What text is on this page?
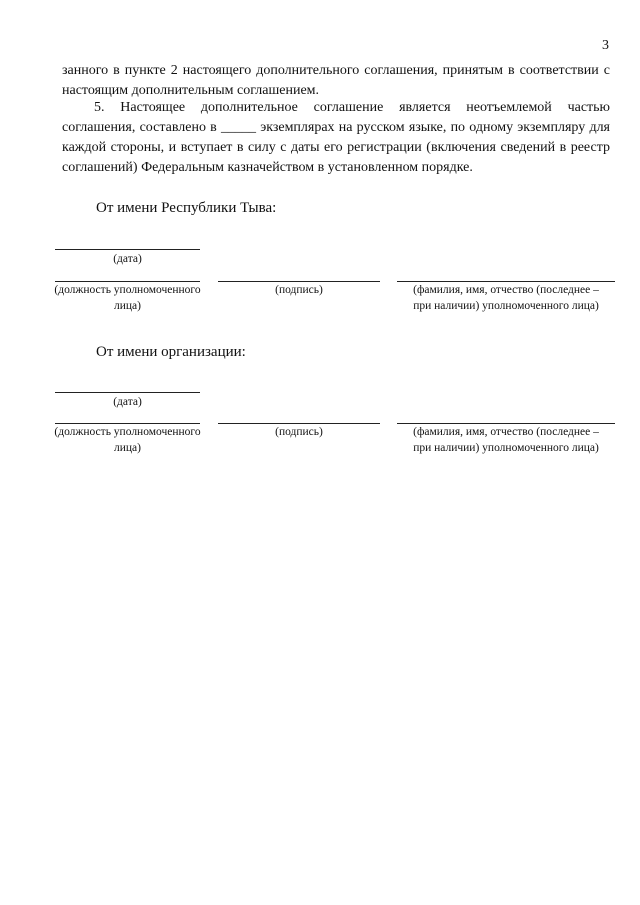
3

занного в пункте 2 настоящего дополнительного соглашения, принятым в соответствии с настоящим дополнительным соглашением.

5. Настоящее дополнительное соглашение является неотъемлемой частью соглашения, составлено в _____ экземплярах на русском языке, по одному экземпляру для каждой стороны, и вступает в силу с даты его регистрации (включения сведений в реестр соглашений) Федеральным казначейством в установленном порядке.

От имени Республики Тыва:
(дата)
(должность уполномоченного лица)
(подпись)	(фамилия, имя, отчество (последнее – при наличии) уполномоченного лица)
От имени организации:
(дата)
(должность уполномоченного лица)
(подпись)	(фамилия, имя, отчество (последнее – при наличии) уполномоченного лица)
